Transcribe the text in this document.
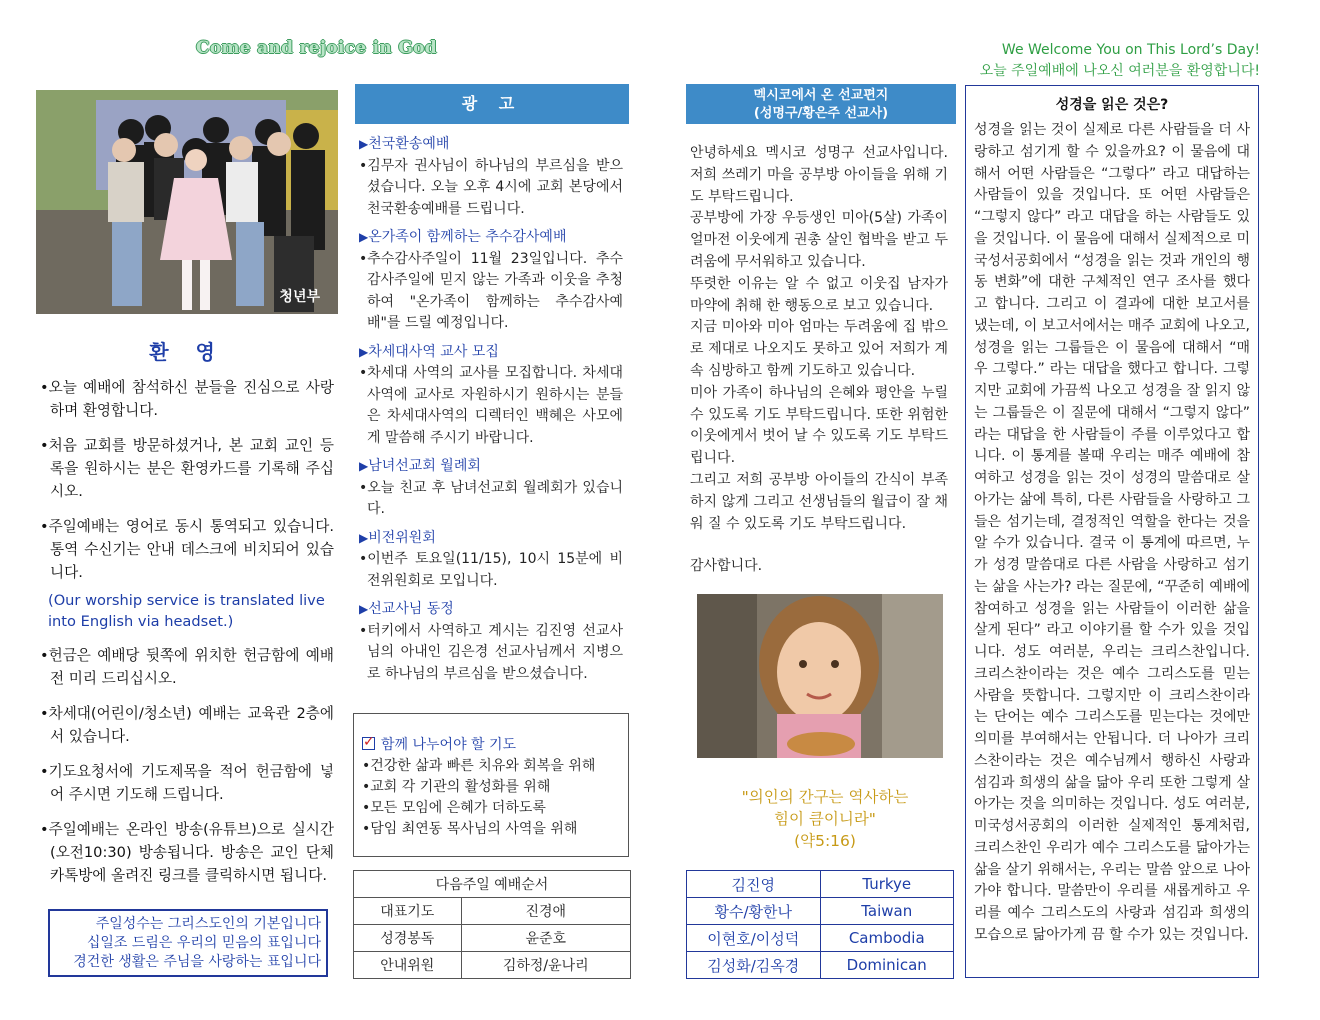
Come and rejoice in God	We Welcome You on This Lord’s Day!
오늘 주일예배에 나오신 여러분을 환영합니다!
청년부
환 영

•오늘 예배에 참석하신 분들을 진심으로 사랑하며 환영합니다.

•처음 교회를 방문하셨거나, 본 교회 교인 등록을 원하시는 분은 환영카드를 기록해 주십시오.

•주일예배는 영어로 동시 통역되고 있습니다. 통역 수신기는 안내 데스크에 비치되어 있습니다.

(Our worship service is translated live into English via headset.)

•헌금은 예배당 뒷쪽에 위치한 헌금함에 예배전 미리 드리십시오.

•차세대(어린이/청소년) 예배는 교육관 2층에서 있습니다.

•기도요청서에 기도제목을 적어 헌금함에 넣어 주시면 기도해 드립니다.

•주일예배는 온라인 방송(유튜브)으로 실시간 (오전10:30) 방송됩니다. 방송은 교인 단체 카톡방에 올려진 링크를 클릭하시면 됩니다.

주일성수는 그리스도인의 기본입니다
십일조 드림은 우리의 믿음의 표입니다
경건한 생활은 주님을 사랑하는 표입니다
광 고
▶천국환송예배
•김무자 권사님이 하나님의 부르심을 받으셨습니다. 오늘 오후 4시에 교회 본당에서 천국환송예배를 드립니다.
▶온가족이 함께하는 추수감사예배
•추수감사주일이 11월 23일입니다. 추수감사주일에 믿지 않는 가족과 이웃을 추청하여 "온가족이 함께하는 추수감사예배"를 드릴 예정입니다.
▶차세대사역 교사 모집
•차세대 사역의 교사를 모집합니다. 차세대 사역에 교사로 자원하시기 원하시는 분들은 차세대사역의 디렉터인 백혜은 사모에게 말씀해 주시기 바랍니다.
▶남녀선교회 월례회
•오늘 친교 후 남녀선교회 월례회가 있습니다.
▶비전위원회
•이번주 토요일(11/15), 10시 15분에 비전위원회로 모입니다.
▶선교사님 동정
•터키에서 사역하고 계시는 김진영 선교사님의 아내인 김은경 선교사님께서 지병으로 하나님의 부르심을 받으셨습니다.
✓함께 나누어야 할 기도
•건강한 삶과 빠른 치유와 회복을 위해
•교회 각 기관의 활성화를 위해
•모든 모임에 은혜가 더하도록
•담임 최연동 목사님의 사역을 위해
다음주일 예배순서	
대표기도	진경애
성경봉독	윤준호
안내위원	김하정/윤나리
멕시코에서 온 선교편지
(성명구/황은주 선교사)

안녕하세요 멕시코 성명구 선교사입니다. 저희 쓰레기 마을 공부방 아이들을 위해 기도 부탁드립니다.

공부방에 가장 우등생인 미아(5살) 가족이 얼마전 이웃에게 권총 살인 협박을 받고 두려움에 무서워하고 있습니다.

뚜렷한 이유는 알 수 없고 이웃집 남자가 마약에 취해 한 행동으로 보고 있습니다.

지금 미아와 미아 엄마는 두려움에 집 밖으로 제대로 나오지도 못하고 있어 저희가 계속 심방하고 함께 기도하고 있습니다.

미아 가족이 하나님의 은혜와 평안을 누릴 수 있도록 기도 부탁드립니다. 또한 위험한 이웃에게서 벗어 날 수 있도록 기도 부탁드립니다.

그리고 저희 공부방 아이들의 간식이 부족하지 않게 그리고 선생님들의 월급이 잘 채워 질 수 있도록 기도 부탁드립니다.

감사합니다.

"의인의 간구는 역사하는
힘이 큼이니라"
(약5:16)
김진영	Turkye
황수/황한나	Taiwan
이현호/이성덕	Cambodia
김성화/김옥경	Dominican
성경을 읽은 것은?
성경을 읽는 것이 실제로 다른 사람들을 더 사랑하고 섬기게 할 수 있을까요? 이 물음에 대해서 어떤 사람들은 “그렇다” 라고 대답하는 사람들이 있을 것입니다. 또 어떤 사람들은 “그렇지 않다” 라고 대답을 하는 사람들도 있을 것입니다. 이 물음에 대해서 실제적으로 미국성서공회에서 “성경을 읽는 것과 개인의 행동 변화”에 대한 구체적인 연구 조사를 했다고 합니다. 그리고 이 결과에 대한 보고서를 냈는데, 이 보고서에서는 매주 교회에 나오고, 성경을 읽는 그룹들은 이 물음에 대해서 “매우 그렇다.” 라는 대답을 했다고 합니다. 그렇지만 교회에 가끔씩 나오고 성경을 잘 읽지 않는 그룹들은 이 질문에 대해서 “그렇지 않다” 라는 대답을 한 사람들이 주를 이루었다고 합니다. 이 통계를 볼때 우리는 매주 예배에 참여하고 성경을 읽는 것이 성경의 말씀대로 살아가는 삶에 특히, 다른 사람들을 사랑하고 그들은 섬기는데, 결정적인 역할을 한다는 것을 알 수가 있습니다. 결국 이 통계에 따르면, 누가 성경 말씀대로 다른 사람을 사랑하고 섬기는 삶을 사는가? 라는 질문에, “꾸준히 예배에 참여하고 성경을 읽는 사람들이 이러한 삶을 살게 된다” 라고 이야기를 할 수가 있을 것입니다. 성도 여러분, 우리는 크리스찬입니다. 크리스찬이라는 것은 예수 그리스도를 믿는 사람을 뜻합니다. 그렇지만 이 크리스찬이라는 단어는 예수 그리스도를 믿는다는 것에만 의미를 부여해서는 안됩니다. 더 나아가 크리스찬이라는 것은 예수님께서 행하신 사랑과 섬김과 희생의 삶을 닮아 우리 또한 그렇게 살아가는 것을 의미하는 것입니다. 성도 여러분, 미국성서공회의 이러한 실제적인 통계처럼, 크리스찬인 우리가 예수 그리스도를 닮아가는 삶을 살기 위해서는, 우리는 말씀 앞으로 나아가야 합니다. 말씀만이 우리를 새롭게하고 우리를 예수 그리스도의 사랑과 섬김과 희생의 모습으로 닮아가게 끔 할 수가 있는 것입니다.
